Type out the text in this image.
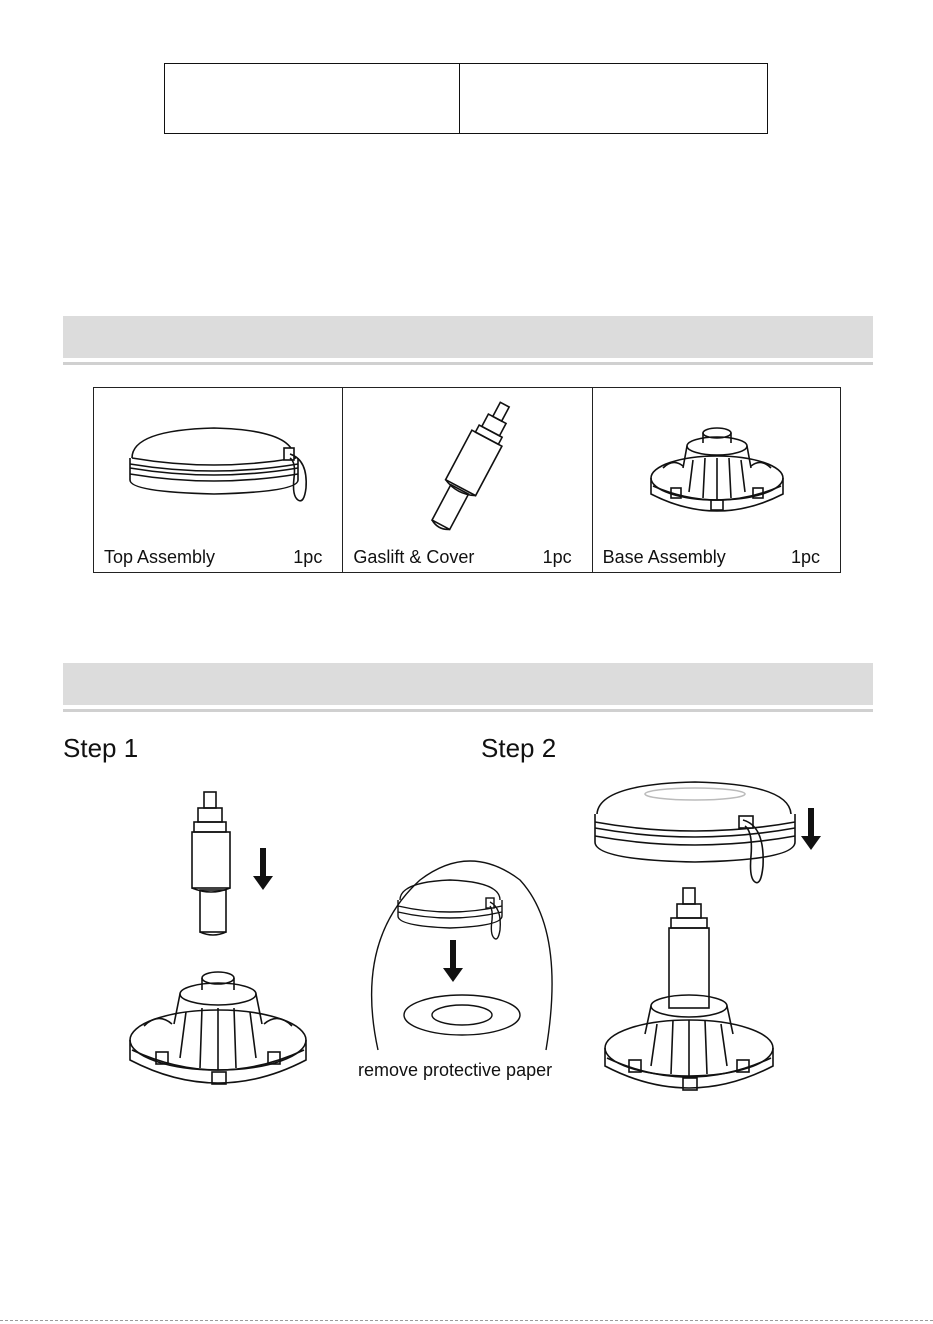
Top Assembly	1pc Gaslift & Cover	1pc Base Assembly	1pc
Step 1	Step 2
remove protective paper
